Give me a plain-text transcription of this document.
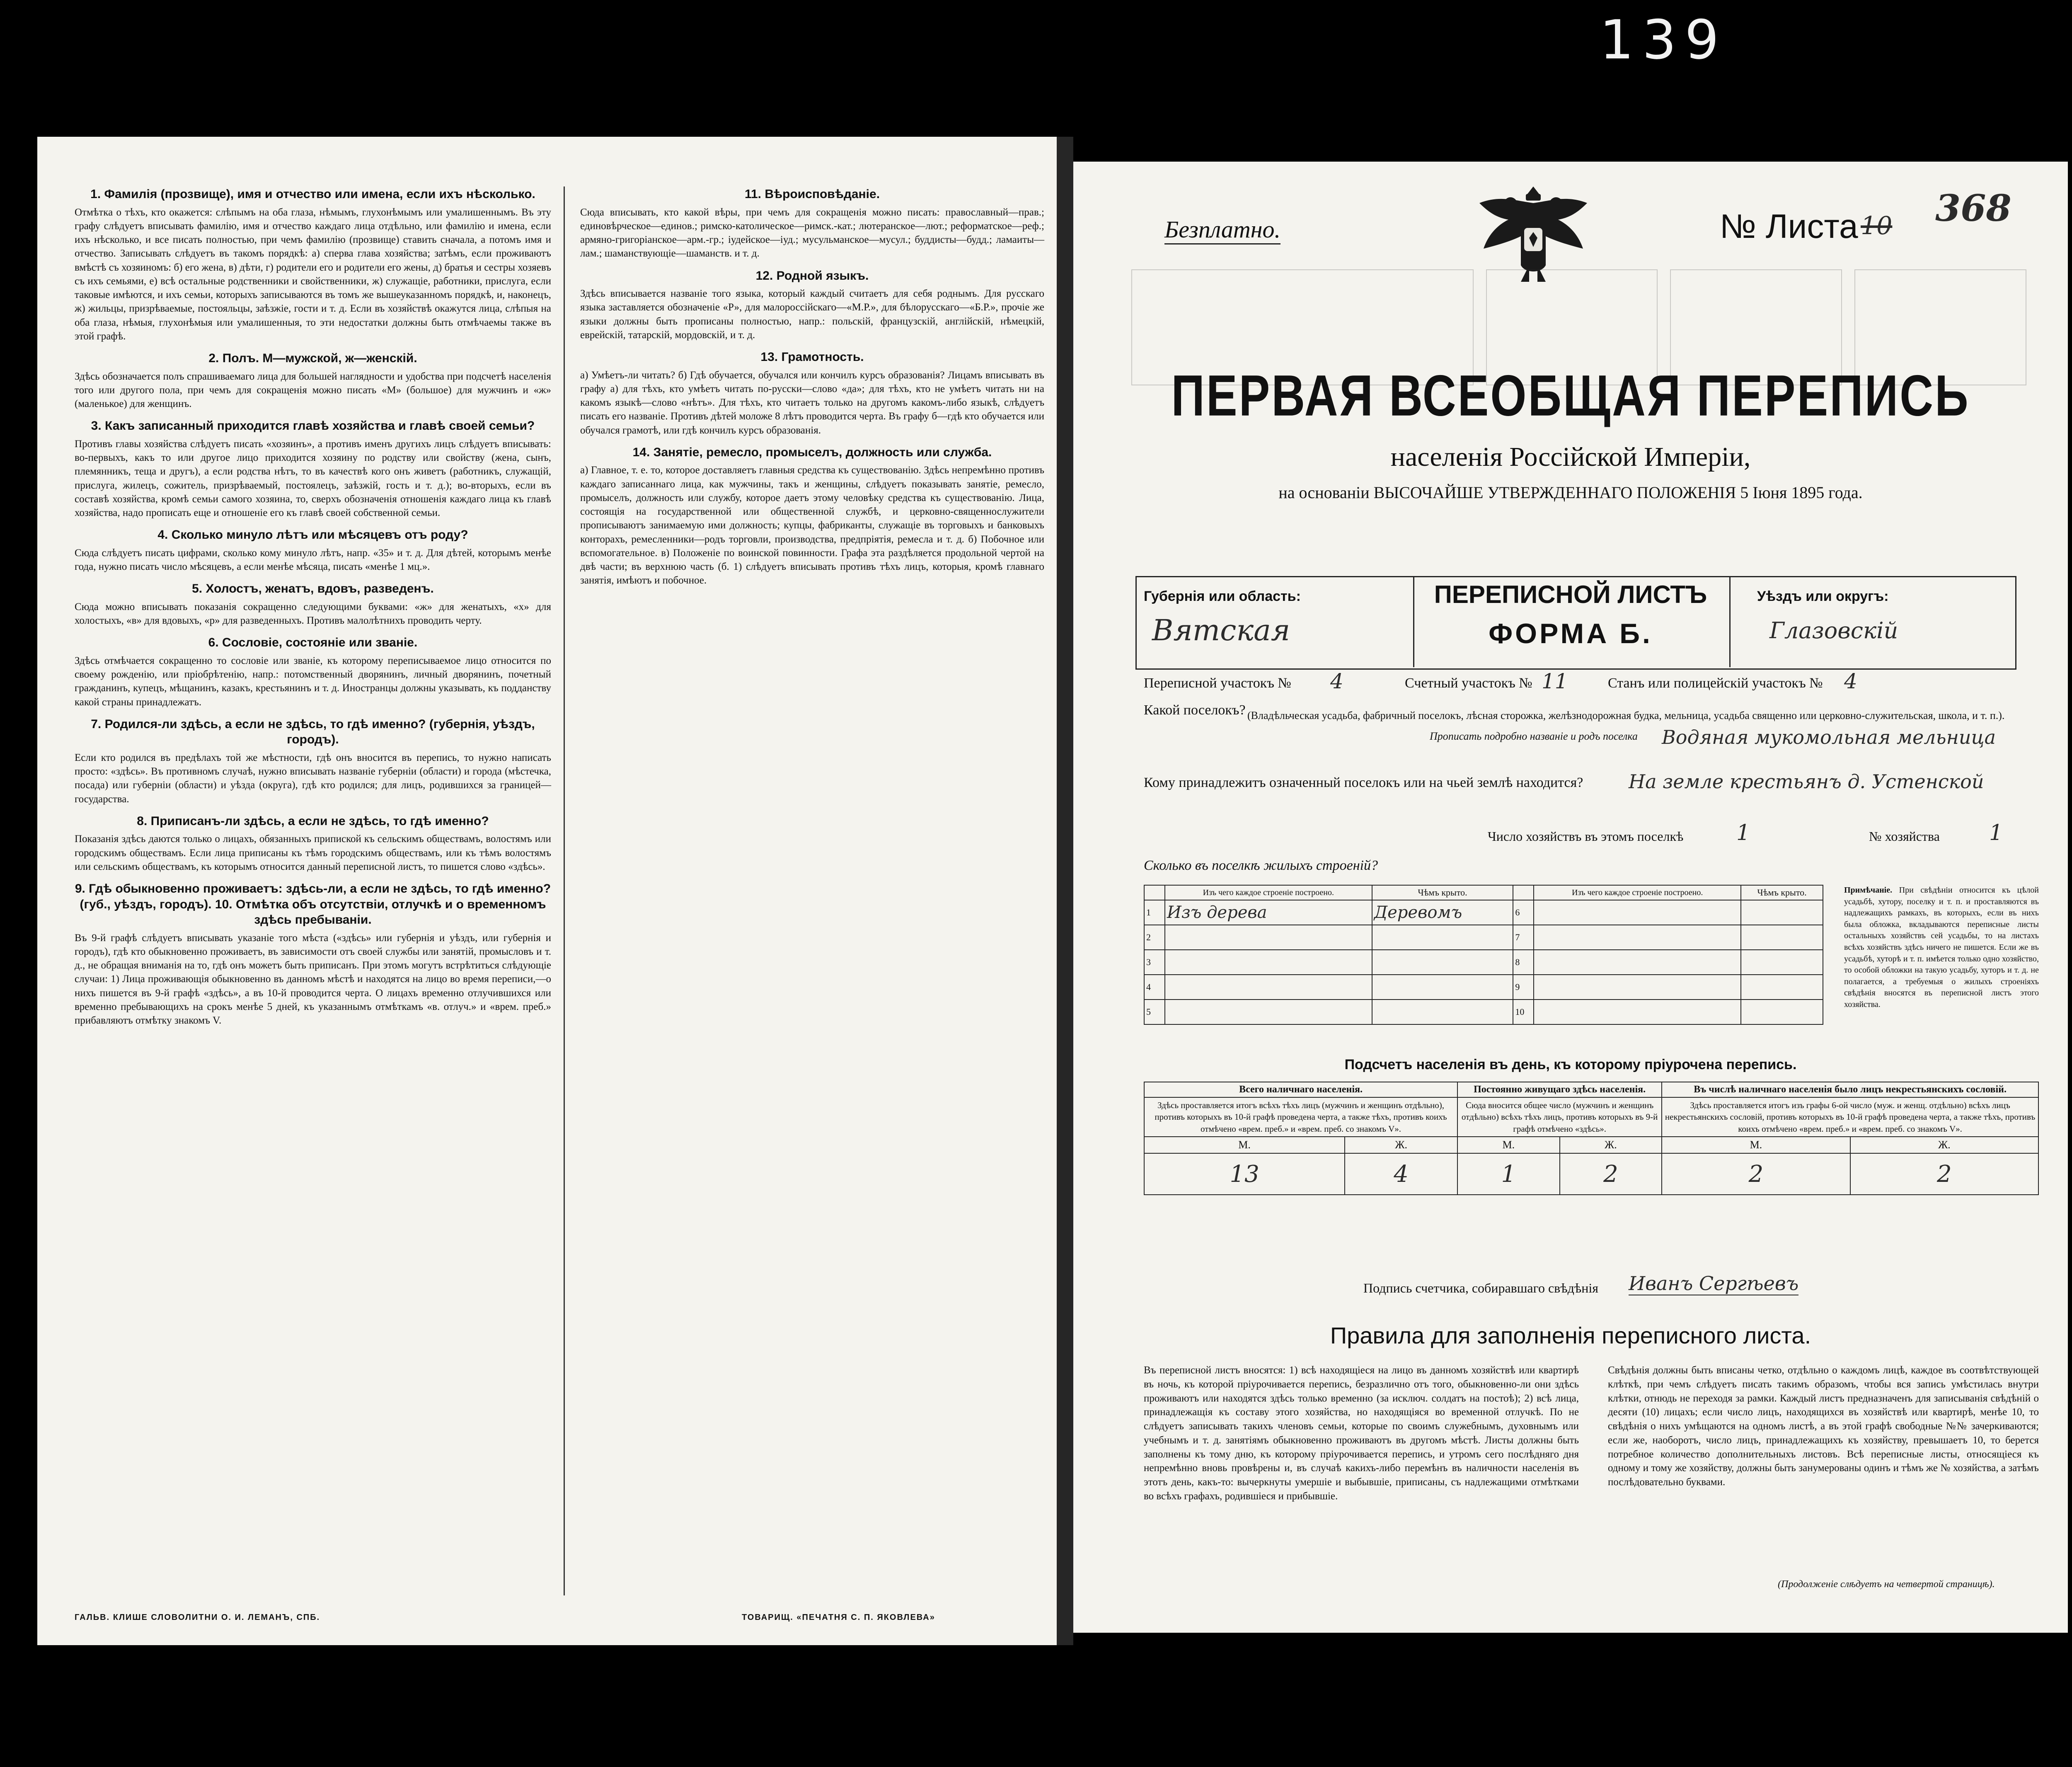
139
1. Фамилія (прозвище), имя и отчество или имена, если ихъ нѣсколько.

Отмѣтка о тѣхъ, кто окажется: слѣпымъ на оба глаза, нѣмымъ, глухонѣмымъ или умалишеннымъ. Въ эту графу слѣдуетъ вписывать фамилію, имя и отчество каждаго лица отдѣльно, или фамилію и имена, если ихъ нѣсколько, и все писать полностью, при чемъ фамилію (прозвище) ставить сначала, а потомъ имя и отчество. Записывать слѣдуетъ въ такомъ порядкѣ: а) сперва глава хозяйства; затѣмъ, если проживаютъ вмѣстѣ съ хозяиномъ: б) его жена, в) дѣти, г) родители его и родители его жены, д) братья и сестры хозяевъ съ ихъ семьями, е) всѣ остальные родственники и свойственники, ж) служащіе, работники, прислуга, если таковые имѣются, и ихъ семьи, которыхъ записываются въ томъ же вышеуказанномъ порядкѣ, и, наконецъ, ж) жильцы, призрѣваемые, постояльцы, заѣзжіе, гости и т. д. Если въ хозяйствѣ окажутся лица, слѣпыя на оба глаза, нѣмыя, глухонѣмыя или умалишенныя, то эти недостатки должны быть отмѣчаемы также въ этой графѣ.

2. Полъ. М—мужской, ж—женскій.

Здѣсь обозначается полъ спрашиваемаго лица для большей наглядности и удобства при подсчетѣ населенія того или другого пола, при чемъ для сокращенія можно писать «М» (большое) для мужчинъ и «ж» (маленькое) для женщинъ.

3. Какъ записанный приходится главѣ хозяйства и главѣ своей семьи?

Противъ главы хозяйства слѣдуетъ писать «хозяинъ», а противъ именъ другихъ лицъ слѣдуетъ вписывать: во-первыхъ, какъ то или другое лицо приходится хозяину по родству или свойству (жена, сынъ, племянникъ, теща и другъ), а если родства нѣтъ, то въ качествѣ кого онъ живетъ (работникъ, служащій, прислуга, жилецъ, сожитель, призрѣваемый, постоялецъ, заѣзжій, гость и т. д.); во-вторыхъ, если въ составѣ хозяйства, кромѣ семьи самого хозяина, то, сверхъ обозначенія отношенія каждаго лица къ главѣ хозяйства, надо прописать еще и отношеніе его къ главѣ своей собственной семьи.

4. Сколько минуло лѣтъ или мѣсяцевъ отъ роду?

Сюда слѣдуетъ писать цифрами, сколько кому минуло лѣтъ, напр. «35» и т. д. Для дѣтей, которымъ менѣе года, нужно писать число мѣсяцевъ, а если менѣе мѣсяца, писать «менѣе 1 мц.».

5. Холостъ, женатъ, вдовъ, разведенъ.

Сюда можно вписывать показанія сокращенно следующими буквами: «ж» для женатыхъ, «х» для холостыхъ, «в» для вдовыхъ, «р» для разведенныхъ. Противъ малолѣтнихъ проводить черту.

6. Сословіе, состояніе или званіе.

Здѣсь отмѣчается сокращенно то сословіе или званіе, къ которому переписываемое лицо относится по своему рожденію, или пріобрѣтенію, напр.: потомственный дворянинъ, личный дворянинъ, почетный гражданинъ, купецъ, мѣщанинъ, казакъ, крестьянинъ и т. д. Иностранцы должны указывать, къ подданству какой страны принадлежатъ.

7. Родился-ли здѣсь, а если не здѣсь, то гдѣ именно? (губернія, уѣздъ, городъ).

Если кто родился въ предѣлахъ той же мѣстности, гдѣ онъ вносится въ перепись, то нужно написать просто: «здѣсь». Въ противномъ случаѣ, нужно вписывать названіе губерніи (области) и города (мѣстечка, посада) или губерніи (области) и уѣзда (округа), гдѣ кто родился; для лицъ, родившихся за границей—государства.

8. Приписанъ-ли здѣсь, а если не здѣсь, то гдѣ именно?

Показанія здѣсь даются только о лицахъ, обязанныхъ припиской къ сельскимъ обществамъ, волостямъ или городскимъ обществамъ. Если лица приписаны къ тѣмъ городскимъ обществамъ, или къ тѣмъ волостямъ или сельскимъ обществамъ, къ которымъ относится данный переписной листъ, то пишется слово «здѣсь».

9. Гдѣ обыкновенно проживаетъ: здѣсь-ли, а если не здѣсь, то гдѣ именно? (губ., уѣздъ, городъ). 10. Отмѣтка объ отсутствіи, отлучкѣ и о временномъ здѣсь пребываніи.

Въ 9-й графѣ слѣдуетъ вписывать указаніе того мѣста («здѣсь» или губернія и уѣздъ, или губернія и городъ), гдѣ кто обыкновенно проживаетъ, въ зависимости отъ своей службы или занятій, промысловъ и т. д., не обращая вниманія на то, гдѣ онъ можетъ быть приписанъ. При этомъ могутъ встрѣтиться слѣдующіе случаи: 1) Лица проживающія обыкновенно въ данномъ мѣстѣ и находятся на лицо во время переписи,—о нихъ пишется въ 9-й графѣ «здѣсь», а въ 10-й проводится черта. О лицахъ временно отлучившихся или временно пребывающихъ на срокъ менѣе 5 дней, къ указаннымъ отмѣткамъ «в. отлуч.» и «врем. преб.» прибавляютъ отмѣтку знакомъ V.

11. Вѣроисповѣданіе.

Сюда вписывать, кто какой вѣры, при чемъ для сокращенія можно писать: православный—прав.; единовѣрческое—единов.; римско-католическое—римск.-кат.; лютеранское—лют.; реформатское—реф.; армяно-григоріанское—арм.-гр.; іудейское—іуд.; мусульманское—мусул.; буддисты—будд.; ламаиты—лам.; шаманствующіе—шаманств. и т. д.

12. Родной языкъ.

Здѣсь вписывается названіе того языка, который каждый считаетъ для себя роднымъ. Для русскаго языка заставляется обозначеніе «Р», для малороссійскаго—«М.Р.», для бѣлорусскаго—«Б.Р.», прочіе же языки должны быть прописаны полностью, напр.: польскій, французскій, англійскій, нѣмецкій, еврейскій, татарскій, мордовскій, и т. д.

13. Грамотность.

а) Умѣетъ-ли читать? б) Гдѣ обучается, обучался или кончилъ курсъ образованія? Лицамъ вписывать въ графу а) для тѣхъ, кто умѣетъ читать по-русски—слово «да»; для тѣхъ, кто не умѣетъ читать ни на какомъ языкѣ—слово «нѣтъ». Для тѣхъ, кто читаетъ только на другомъ какомъ-либо языкѣ, слѣдуетъ писать его названіе. Противъ дѣтей моложе 8 лѣтъ проводится черта. Въ графу б—гдѣ кто обучается или обучался грамотѣ, или гдѣ кончилъ курсъ образованія.

14. Занятіе, ремесло, промыселъ, должность или служба.

а) Главное, т. е. то, которое доставляетъ главныя средства къ существованію. Здѣсь непремѣнно противъ каждаго записаннаго лица, как мужчины, такъ и женщины, слѣдуетъ показывать занятіе, ремесло, промыселъ, должность или службу, которое даетъ этому человѣку средства къ существованію. Лица, состоящія на государственной или общественной службѣ, и церковно-священнослужители прописываютъ занимаемую ими должность; купцы, фабриканты, служащіе въ торговыхъ и банковыхъ конторахъ, ремесленники—родъ торговли, производства, предпріятія, ремесла и т. д. б) Побочное или вспомогательное. в) Положеніе по воинской повинности. Графа эта раздѣляется продольной чертой на двѣ части; въ верхнюю часть (б. 1) слѣдуетъ вписывать противъ тѣхъ лицъ, которыя, кромѣ главнаго занятія, имѣютъ и побочное.

ГАЛЬВ. КЛИШЕ СЛОВОЛИТНИ О. И. ЛЕМАНЪ, СПБ.	ТОВАРИЩ. «ПЕЧАТНЯ С. П. ЯКОВЛЕВА»
Безплатно.	№ Листа 10 368
ПЕРВАЯ ВСЕОБЩАЯ ПЕРЕПИСЬ
населенія Россійской Имперіи,
на основаніи ВЫСОЧАЙШЕ УТВЕРЖДЕННАГО ПОЛОЖЕНІЯ 5 Іюня 1895 года.
ПЕРЕПИСНОЙ ЛИСТЪ
ФОРМА Б.
Губернія или область:
Вятская
Уѣздъ или округъ:
Глазовскій
Переписной участокъ № 4	Счетный участокъ № 11	Станъ или полицейскій участокъ № 4
Какой поселокъ? (Владѣльческая усадьба, фабричный поселокъ, лѣсная сторожка, желѣзнодорожная будка, мельница, усадьба священно или церковно-служительская, школа, и т. п.).
Прописать подробно названіе и родъ поселка Водяная мукомольная мельница
Кому принадлежитъ означенный поселокъ или на чьей землѣ находится?	На земле крестьянъ д. Устенской
Число хозяйствъ въ этомъ поселкѣ 1	№ хозяйства 1
Сколько въ поселкѣ жилыхъ строеній?
	Изъ чего каждое строеніе построено.	Чѣмъ крыто.		Изъ чего каждое строеніе построено.	Чѣмъ крыто.
1	Изъ дерева	Деревомъ	6		
2			7		
3			8		
4			9		
5			10		
Примѣчаніе. При свѣдѣніи относится къ цѣлой усадьбѣ, хутору, поселку и т. п. и проставляются въ надлежащихъ рамкахъ, въ которыхъ, если въ нихъ была обложка, вкладываются переписные листы остальныхъ хозяйствъ сей усадьбы, то на листахъ всѣхъ хозяйствъ здѣсь ничего не пишется. Если же въ усадьбѣ, хуторѣ и т. п. имѣется только одно хозяйство, то особой обложки на такую усадьбу, хуторъ и т. д. не полагается, а требуемыя о жилыхъ строеніяхъ свѣдѣнія вносятся въ переписной листъ этого хозяйства.
Подсчетъ населенія въ день, къ которому пріурочена перепись.
Всего наличнаго населенія.		Постоянно живущаго здѣсь населенія.		Въ числѣ наличнаго населенія было лицъ некрестьянскихъ сословій.	
Здѣсь проставляется итогъ всѣхъ тѣхъ лицъ (мужчинъ и женщинъ отдѣльно), противъ которыхъ въ 10-й графѣ проведена черта, а также тѣхъ, противъ коихъ отмѣчено «врем. преб.» и «врем. преб. со знакомъ V».		Сюда вносится общее число (мужчинъ и женщинъ отдѣльно) всѣхъ тѣхъ лицъ, противъ которыхъ въ 9-й графѣ отмѣчено «здѣсь».		Здѣсь проставляется итогъ изъ графы 6-ой число (муж. и женщ. отдѣльно) всѣхъ лицъ некрестьянскихъ сословій, противъ которыхъ въ 10-й графѣ проведена черта, а также тѣхъ, противъ коихъ отмѣчено «врем. преб.» и «врем. преб. со знакомъ V».	
М.	Ж.	М.	Ж.	М.	Ж.
13	4	1	2	2	2
Подпись счетчика, собиравшаго свѣдѣнія Иванъ Сергѣевъ
Правила для заполненія переписного листа.
Въ переписной листъ вносятся: 1) всѣ находящіеся на лицо въ данномъ хозяйствѣ или квартирѣ въ ночь, къ которой пріурочивается перепись, безразлично отъ того, обыкновенно-ли они здѣсь проживаютъ или находятся здѣсь только временно (за исключ. солдатъ на постоѣ); 2) всѣ лица, принадлежащія къ составу этого хозяйства, но находящіяся во временной отлучкѣ. По не слѣдуетъ записывать такихъ членовъ семьи, которые по своимъ служебнымъ, духовнымъ или учебнымъ и т. д. занятіямъ обыкновенно проживаютъ въ другомъ мѣстѣ. Листы должны быть заполнены къ тому дню, къ которому пріурочивается перепись, и утромъ сего послѣдняго дня непремѣнно вновь провѣрены и, въ случаѣ какихъ-либо перемѣнъ въ наличности населенія въ этотъ день, какъ-то: вычеркнуты умершіе и выбывшіе, приписаны, съ надлежащими отмѣтками во всѣхъ графахъ, родившіеся и прибывшіе.
Свѣдѣнія должны быть вписаны четко, отдѣльно о каждомъ лицѣ, каждое въ соотвѣтствующей клѣткѣ, при чемъ слѣдуетъ писать такимъ образомъ, чтобы вся запись умѣстилась внутри клѣтки, отнюдь не переходя за рамки. Каждый листъ предназначенъ для записыванія свѣдѣній о десяти (10) лицахъ; если число лицъ, находящихся въ хозяйствѣ или квартирѣ, менѣе 10, то свѣдѣнія о нихъ умѣщаются на одномъ листѣ, а въ этой графѣ свободные №№ зачеркиваются; если же, наоборотъ, число лицъ, принадлежащихъ къ хозяйству, превышаетъ 10, то берется потребное количество дополнительныхъ листовъ. Всѣ переписные листы, относящіеся къ одному и тому же хозяйству, должны быть занумерованы одинъ и тѣмъ же № хозяйства, а затѣмъ послѣдовательно буквами.
(Продолженіе слѣдуетъ на четвертой страницѣ).
